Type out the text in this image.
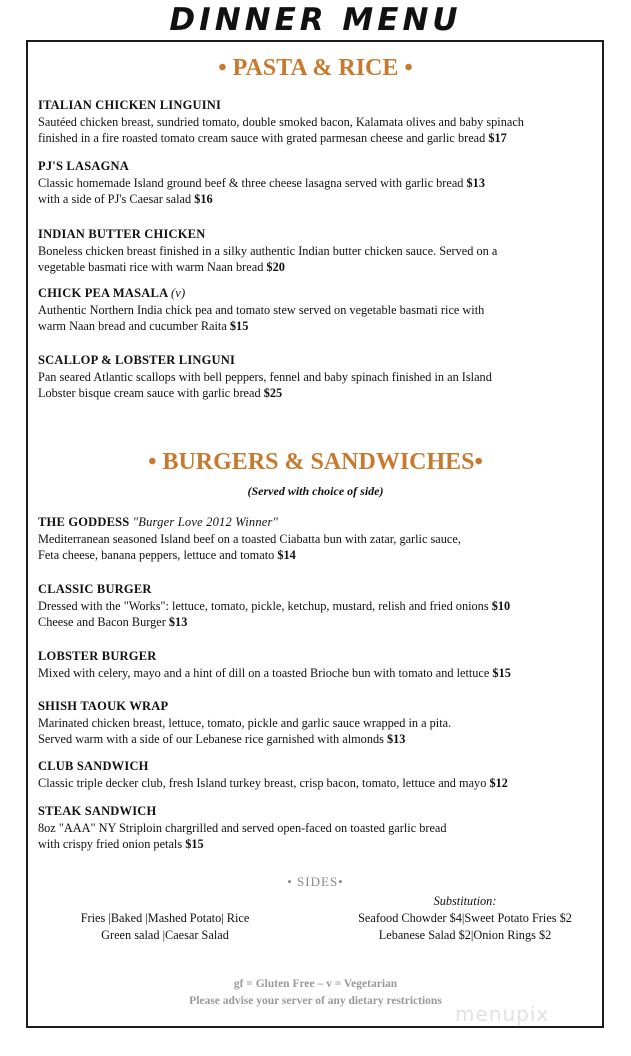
DINNER MENU
• PASTA & RICE •
ITALIAN CHICKEN LINGUINI
Sautéed chicken breast, sundried tomato, double smoked bacon, Kalamata olives and baby spinach
finished in a fire roasted tomato cream sauce with grated parmesan cheese and garlic bread $17
PJ'S LASAGNA
Classic homemade Island ground beef & three cheese lasagna served with garlic bread $13
with a side of PJ's Caesar salad $16
INDIAN BUTTER CHICKEN
Boneless chicken breast finished in a silky authentic Indian butter chicken sauce. Served on a
vegetable basmati rice with warm Naan bread $20
CHICK PEA MASALA (v)
Authentic Northern India chick pea and tomato stew served on vegetable basmati rice with
warm Naan bread and cucumber Raita $15
SCALLOP & LOBSTER LINGUNI
Pan seared Atlantic scallops with bell peppers, fennel and baby spinach finished in an Island
Lobster bisque cream sauce with garlic bread $25
• BURGERS & SANDWICHES•
(Served with choice of side)
THE GODDESS "Burger Love 2012 Winner"
Mediterranean seasoned Island beef on a toasted Ciabatta bun with zatar, garlic sauce,
Feta cheese, banana peppers, lettuce and tomato $14
CLASSIC BURGER
Dressed with the "Works": lettuce, tomato, pickle, ketchup, mustard, relish and fried onions $10
Cheese and Bacon Burger $13
LOBSTER BURGER
Mixed with celery, mayo and a hint of dill on a toasted Brioche bun with tomato and lettuce $15
SHISH TAOUK WRAP
Marinated chicken breast, lettuce, tomato, pickle and garlic sauce wrapped in a pita.
Served warm with a side of our Lebanese rice garnished with almonds $13
CLUB SANDWICH
Classic triple decker club, fresh Island turkey breast, crisp bacon, tomato, lettuce and mayo $12
STEAK SANDWICH
8oz "AAA" NY Striploin chargrilled and served open-faced on toasted garlic bread
with crispy fried onion petals $15
• SIDES•
Fries |Baked |Mashed Potato| Rice
Green salad |Caesar Salad
Substitution:
Seafood Chowder $4|Sweet Potato Fries $2
Lebanese Salad $2|Onion Rings $2
gf = Gluten Free – v = Vegetarian
Please advise your server of any dietary restrictions
menupix
